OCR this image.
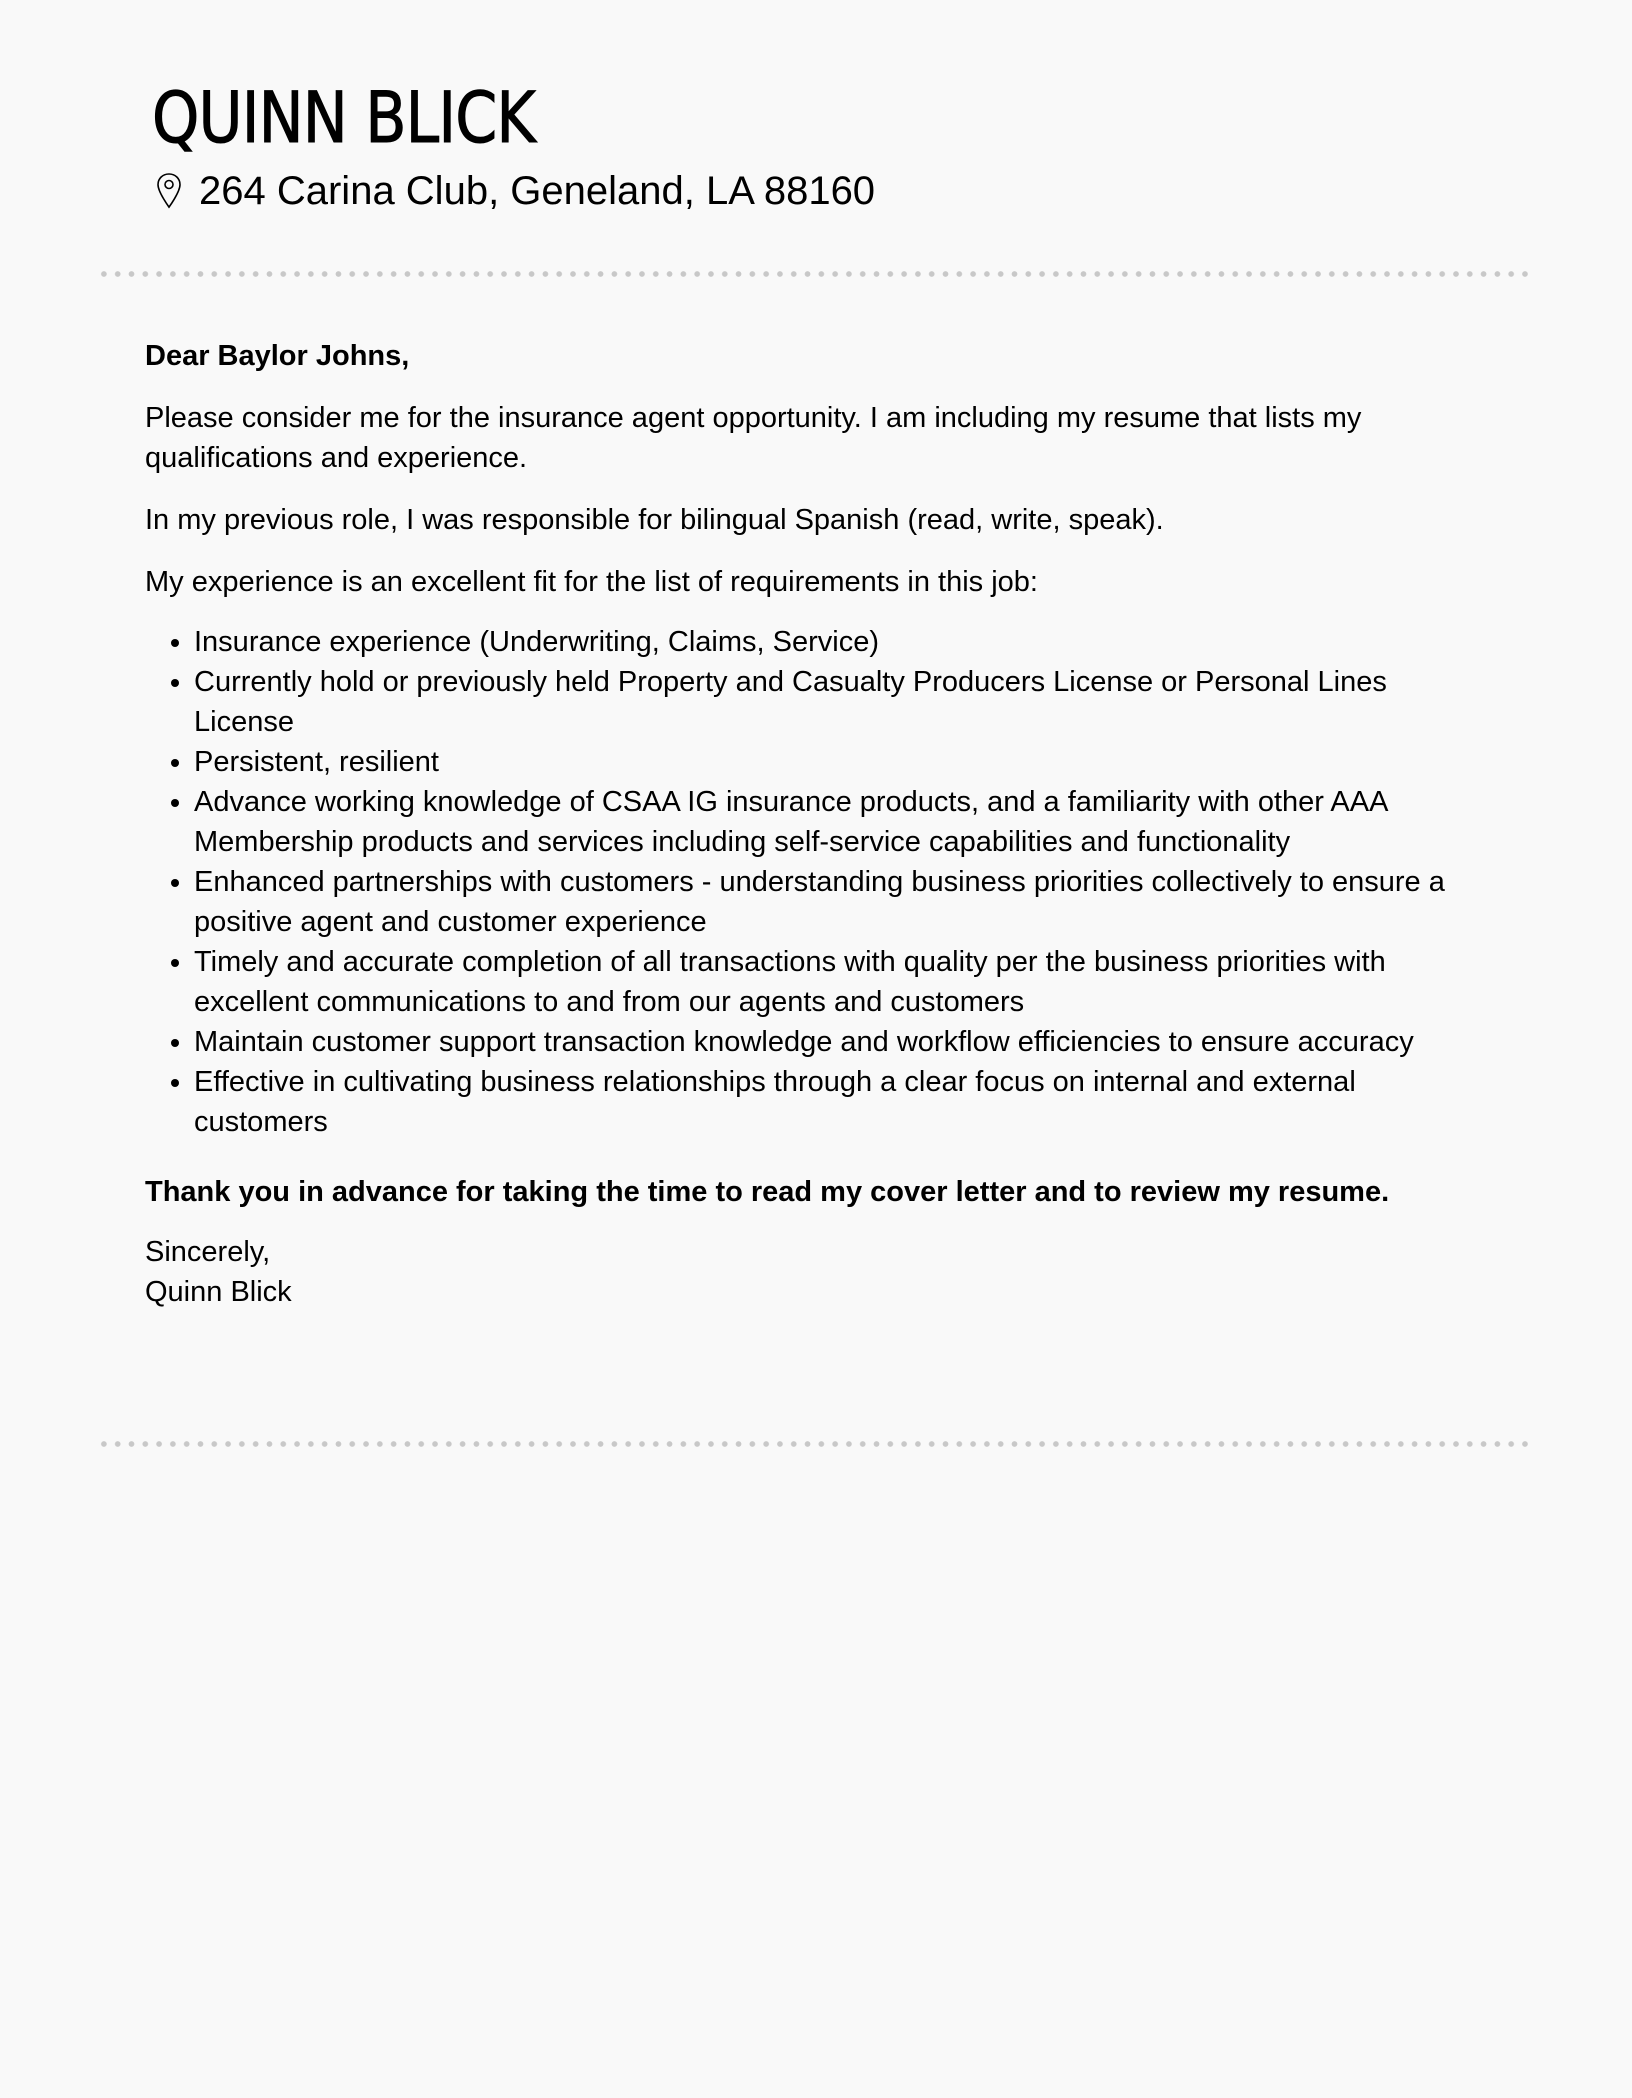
QUINN BLICK
264 Carina Club, Geneland, LA 88160

Dear Baylor Johns,

Please consider me for the insurance agent opportunity. I am including my resume that lists my qualifications and experience.

In my previous role, I was responsible for bilingual Spanish (read, write, speak).

My experience is an excellent fit for the list of requirements in this job:

• Insurance experience (Underwriting, Claims, Service)
• Currently hold or previously held Property and Casualty Producers License or Personal Lines License
• Persistent, resilient
• Advance working knowledge of CSAA IG insurance products, and a familiarity with other AAA Membership products and services including self-service capabilities and functionality
• Enhanced partnerships with customers - understanding business priorities collectively to ensure a positive agent and customer experience
• Timely and accurate completion of all transactions with quality per the business priorities with excellent communications to and from our agents and customers
• Maintain customer support transaction knowledge and workflow efficiencies to ensure accuracy
• Effective in cultivating business relationships through a clear focus on internal and external customers

Thank you in advance for taking the time to read my cover letter and to review my resume.

Sincerely,
Quinn Blick
